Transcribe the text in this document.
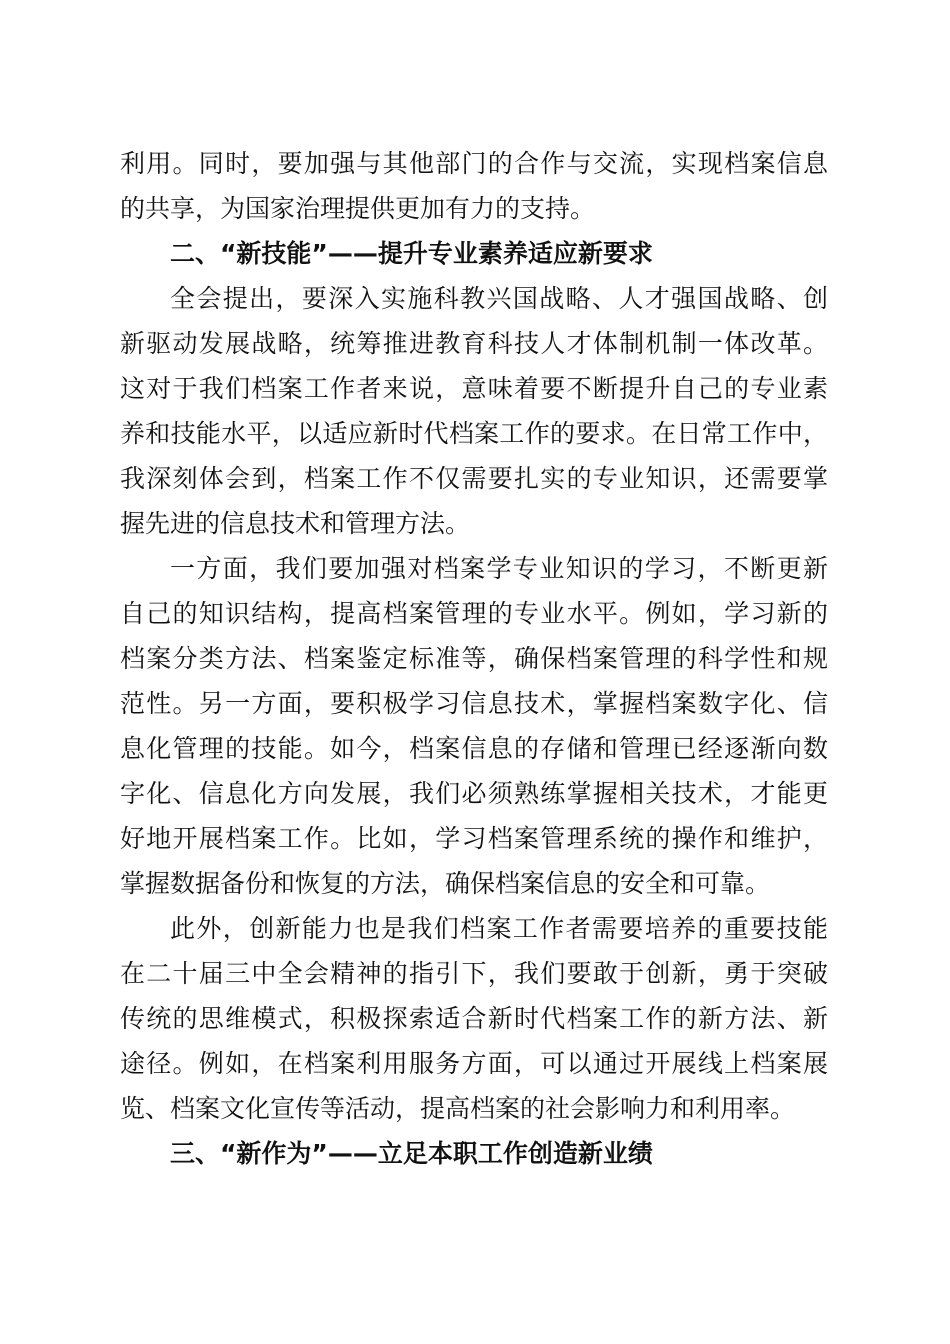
利用。同时，要加强与其他部门的合作与交流，实现档案信息
的共享，为国家治理提供更加有力的支持。
二、“新技能”——提升专业素养适应新要求
全会提出，要深入实施科教兴国战略、人才强国战略、创
新驱动发展战略，统筹推进教育科技人才体制机制一体改革。
这对于我们档案工作者来说，意味着要不断提升自己的专业素
养和技能水平，以适应新时代档案工作的要求。在日常工作中，
我深刻体会到，档案工作不仅需要扎实的专业知识，还需要掌
握先进的信息技术和管理方法。
一方面，我们要加强对档案学专业知识的学习，不断更新
自己的知识结构，提高档案管理的专业水平。例如，学习新的
档案分类方法、档案鉴定标准等，确保档案管理的科学性和规
范性。另一方面，要积极学习信息技术，掌握档案数字化、信
息化管理的技能。如今，档案信息的存储和管理已经逐渐向数
字化、信息化方向发展，我们必须熟练掌握相关技术，才能更
好地开展档案工作。比如，学习档案管理系统的操作和维护，
掌握数据备份和恢复的方法，确保档案信息的安全和可靠。
此外，创新能力也是我们档案工作者需要培养的重要技能
在二十届三中全会精神的指引下，我们要敢于创新，勇于突破
传统的思维模式，积极探索适合新时代档案工作的新方法、新
途径。例如，在档案利用服务方面，可以通过开展线上档案展
览、档案文化宣传等活动，提高档案的社会影响力和利用率。
三、“新作为”——立足本职工作创造新业绩
